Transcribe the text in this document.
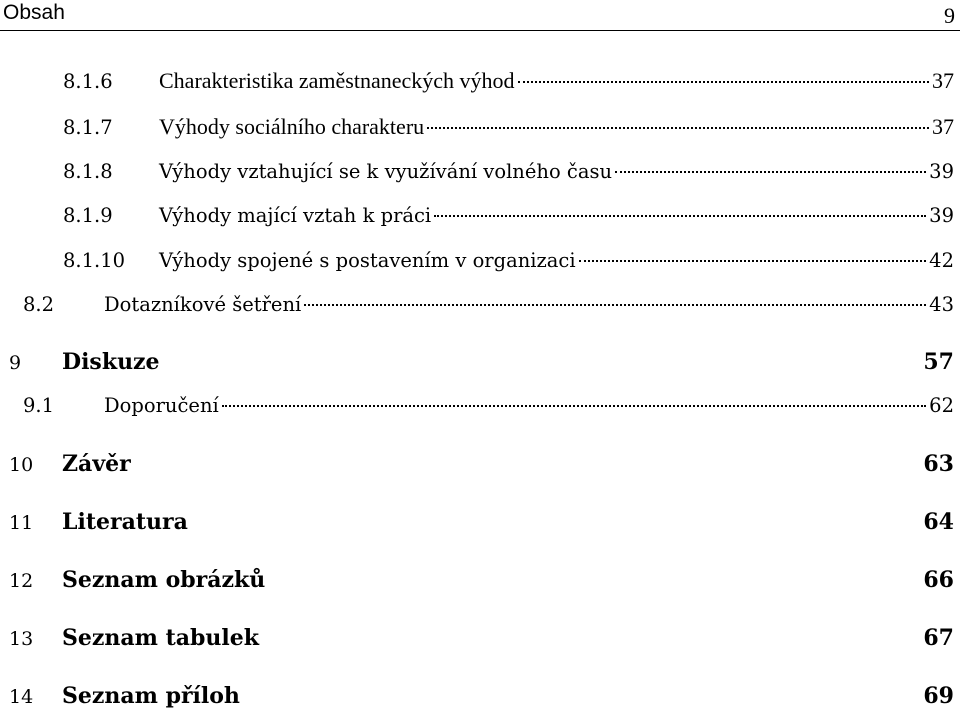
Obsah	9
8.1.6	Charakteristika zaměstnaneckých výhod	37
8.1.7	Výhody sociálního charakteru	37
8.1.8	Výhody vztahující se k využívání volného času	39
8.1.9	Výhody mající vztah k práci	39
8.1.10	Výhody spojené s postavením v organizaci	42
8.2	Dotazníkové šetření	43
9	Diskuze	57
9.1	Doporučení	62
10	Závěr	63
11	Literatura	64
12	Seznam obrázků	66
13	Seznam tabulek	67
14	Seznam příloh	69
